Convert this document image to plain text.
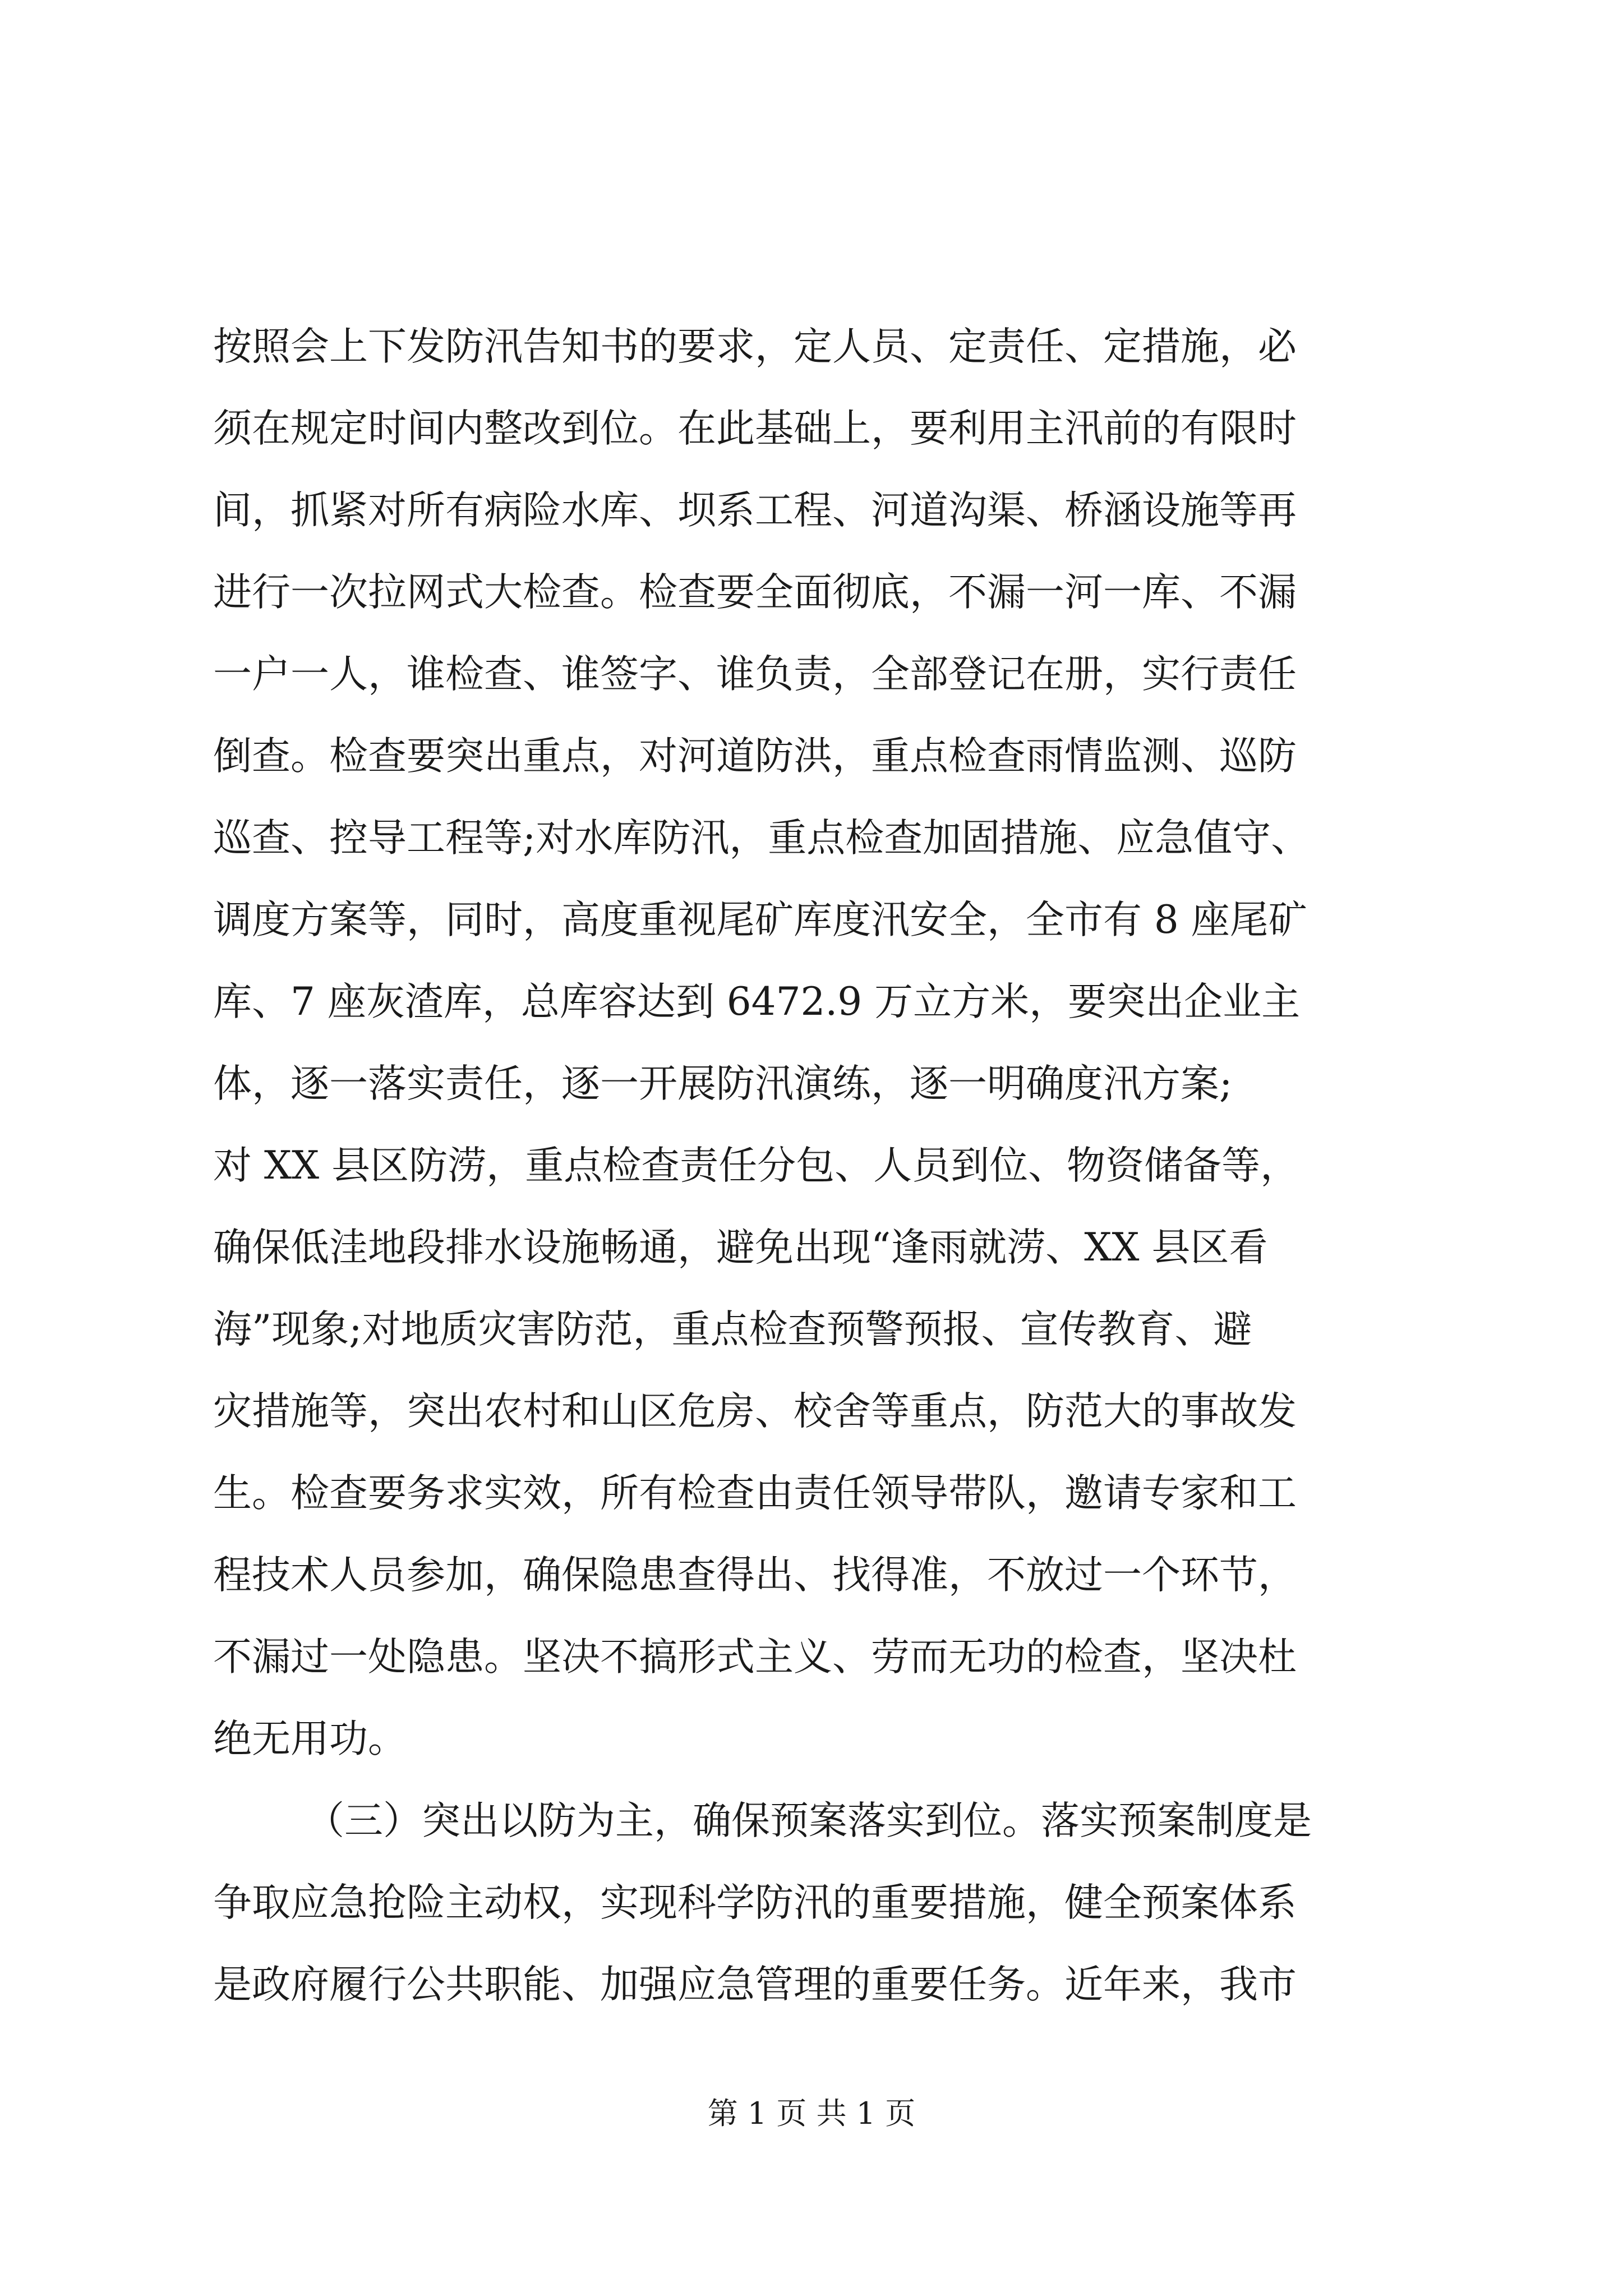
按照会上下发防汛告知书的要求，定人员、定责任、定措施，必
须在规定时间内整改到位。在此基础上，要利用主汛前的有限时
间，抓紧对所有病险水库、坝系工程、河道沟渠、桥涵设施等再
进行一次拉网式大检查。检查要全面彻底，不漏一河一库、不漏
一户一人，谁检查、谁签字、谁负责，全部登记在册，实行责任
倒查。检查要突出重点，对河道防洪，重点检查雨情监测、巡防
巡查、控导工程等;对水库防汛，重点检查加固措施、应急值守、
调度方案等，同时，高度重视尾矿库度汛安全，全市有 8 座尾矿
库、7 座灰渣库，总库容达到 6472.9 万立方米，要突出企业主
体，逐一落实责任，逐一开展防汛演练，逐一明确度汛方案;
对 XX 县区防涝，重点检查责任分包、人员到位、物资储备等，
确保低洼地段排水设施畅通，避免出现“逢雨就涝、XX 县区看
海”现象;对地质灾害防范，重点检查预警预报、宣传教育、避
灾措施等，突出农村和山区危房、校舍等重点，防范大的事故发
生。检查要务求实效，所有检查由责任领导带队，邀请专家和工
程技术人员参加，确保隐患查得出、找得准，不放过一个环节，
不漏过一处隐患。坚决不搞形式主义、劳而无功的检查，坚决杜
绝无用功。
（三）突出以防为主，确保预案落实到位。落实预案制度是
争取应急抢险主动权，实现科学防汛的重要措施，健全预案体系
是政府履行公共职能、加强应急管理的重要任务。近年来，我市
第 1 页 共 1 页
